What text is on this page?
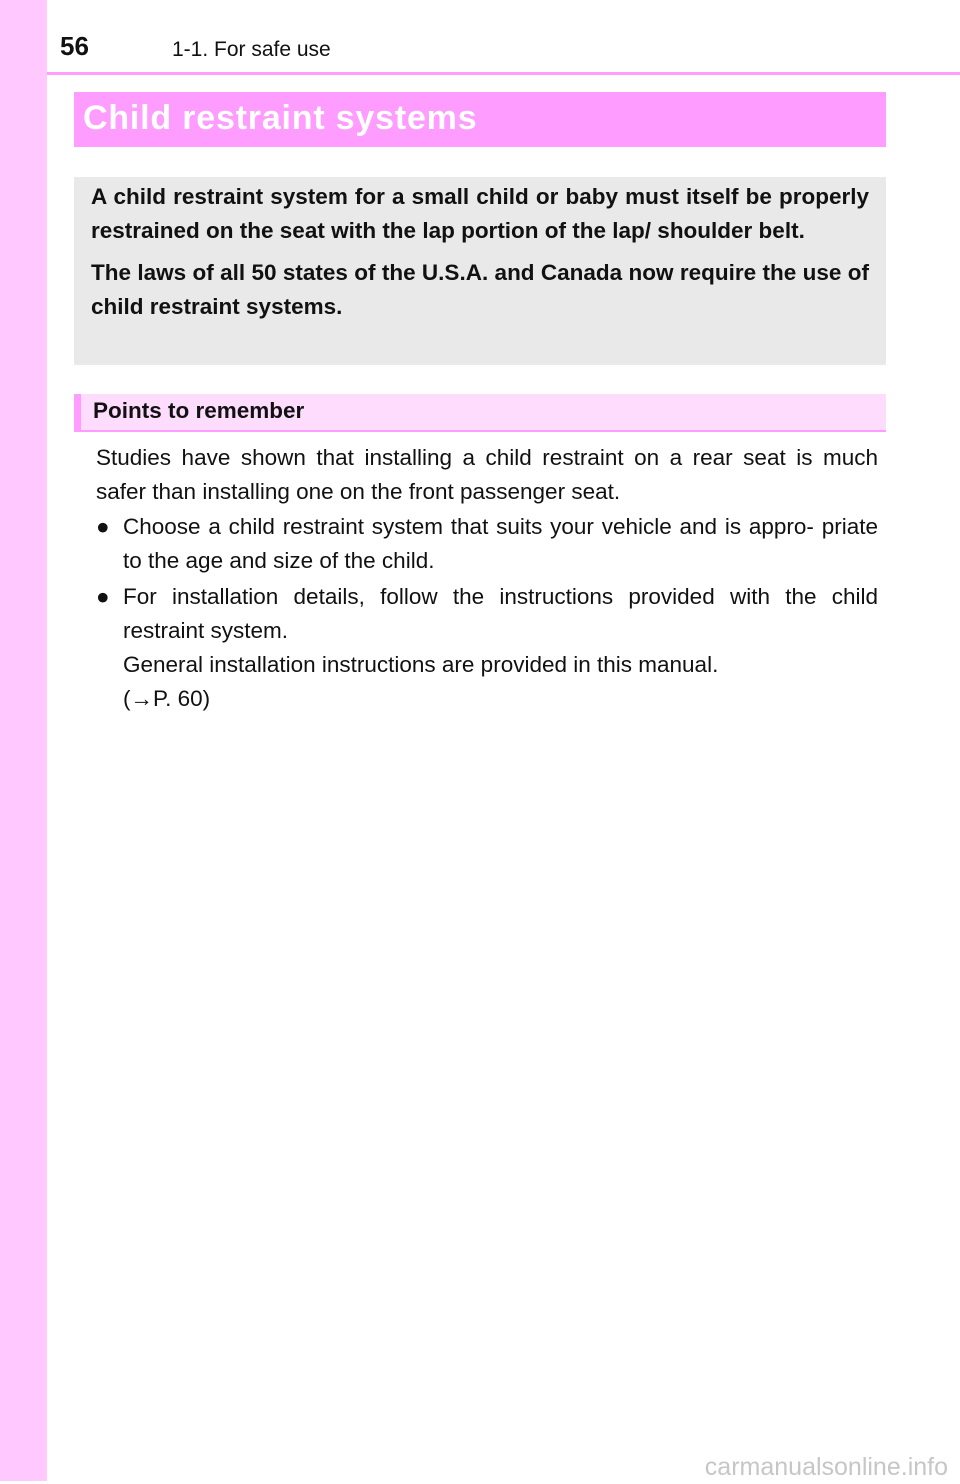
56	1-1. For safe use
Child restraint systems

A child restraint system for a small child or baby must itself be properly restrained on the seat with the lap portion of the lap/ shoulder belt.

The laws of all 50 states of the U.S.A. and Canada now require the use of child restraint systems.

Points to remember

Studies have shown that installing a child restraint on a rear seat is much safer than installing one on the front passenger seat.

● Choose a child restraint system that suits your vehicle and is appro- priate to the age and size of the child.
● For installation details, follow the instructions provided with the child restraint system.
General installation instructions are provided in this manual.
(→P. 60)
carmanualsonline.info
